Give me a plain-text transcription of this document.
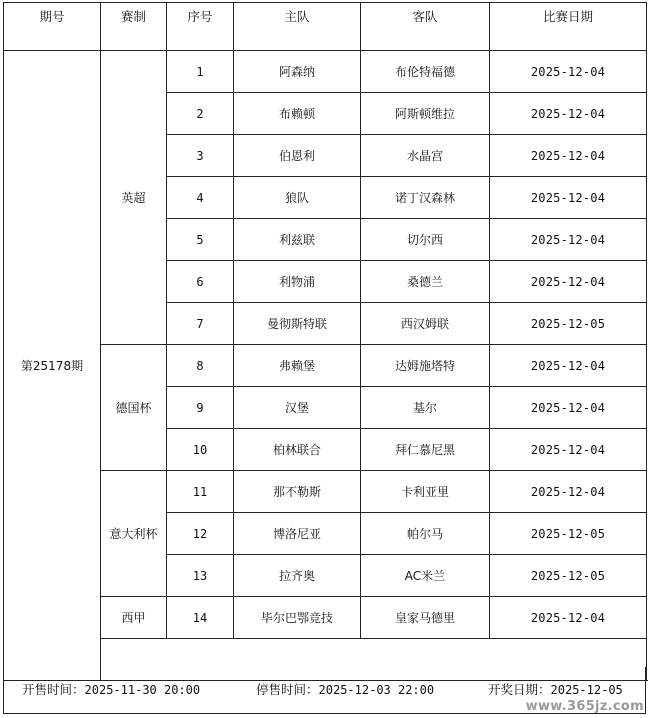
期号	赛制	序号	主队	客队	比赛日期
第25178期	英超	1	阿森纳	布伦特福德	2025-12-04
		2	布赖顿	阿斯顿维拉	2025-12-04
		3	伯恩利	水晶宫	2025-12-04
		4	狼队	诺丁汉森林	2025-12-04
		5	利兹联	切尔西	2025-12-04
		6	利物浦	桑德兰	2025-12-04
		7	曼彻斯特联	西汉姆联	2025-12-05
	德国杯	8	弗赖堡	达姆施塔特	2025-12-04
		9	汉堡	基尔	2025-12-04
		10	柏林联合	拜仁慕尼黑	2025-12-04
	意大利杯	11	那不勒斯	卡利亚里	2025-12-04
		12	博洛尼亚	帕尔马	2025-12-05
		13	拉齐奥	AC米兰	2025-12-05
	西甲	14	毕尔巴鄂竞技	皇家马德里	2025-12-04

开售时间：2025-11-30 20:00	停售时间：2025-12-03 22:00	开奖日期：2025-12-05
www.365jz.com
